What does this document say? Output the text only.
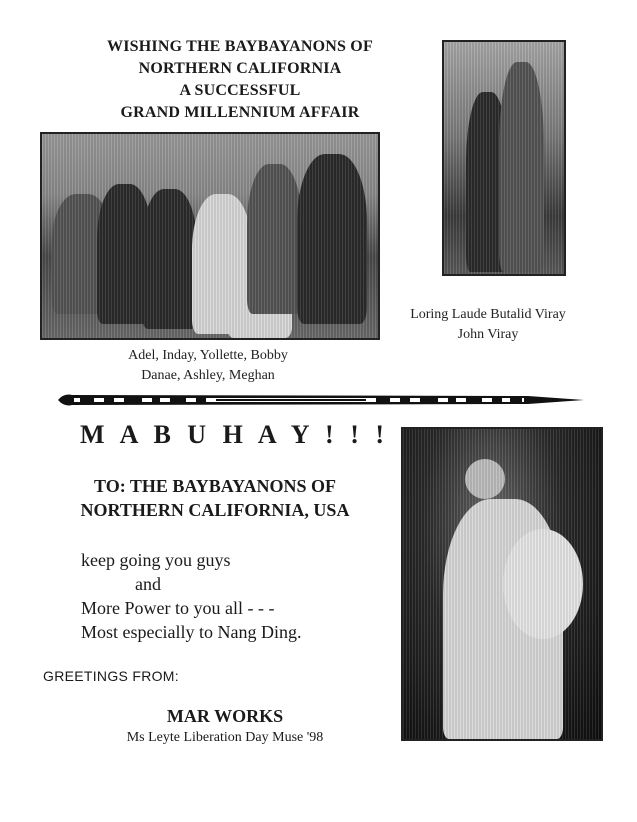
WISHING THE BAYBAYANONS OF
NORTHERN CALIFORNIA
A SUCCESSFUL
GRAND MILLENNIUM AFFAIR
Adel, Inday, Yollette, Bobby
Danae, Ashley, Meghan
Loring Laude Butalid Viray
John Viray
M A B U H A Y ! ! !
TO: THE BAYBAYANONS OF
NORTHERN CALIFORNIA, USA
keep going you guys
and
More Power to you all - - -
Most especially to Nang Ding.
GREETINGS FROM:
MAR WORKS
Ms Leyte Liberation Day Muse '98
